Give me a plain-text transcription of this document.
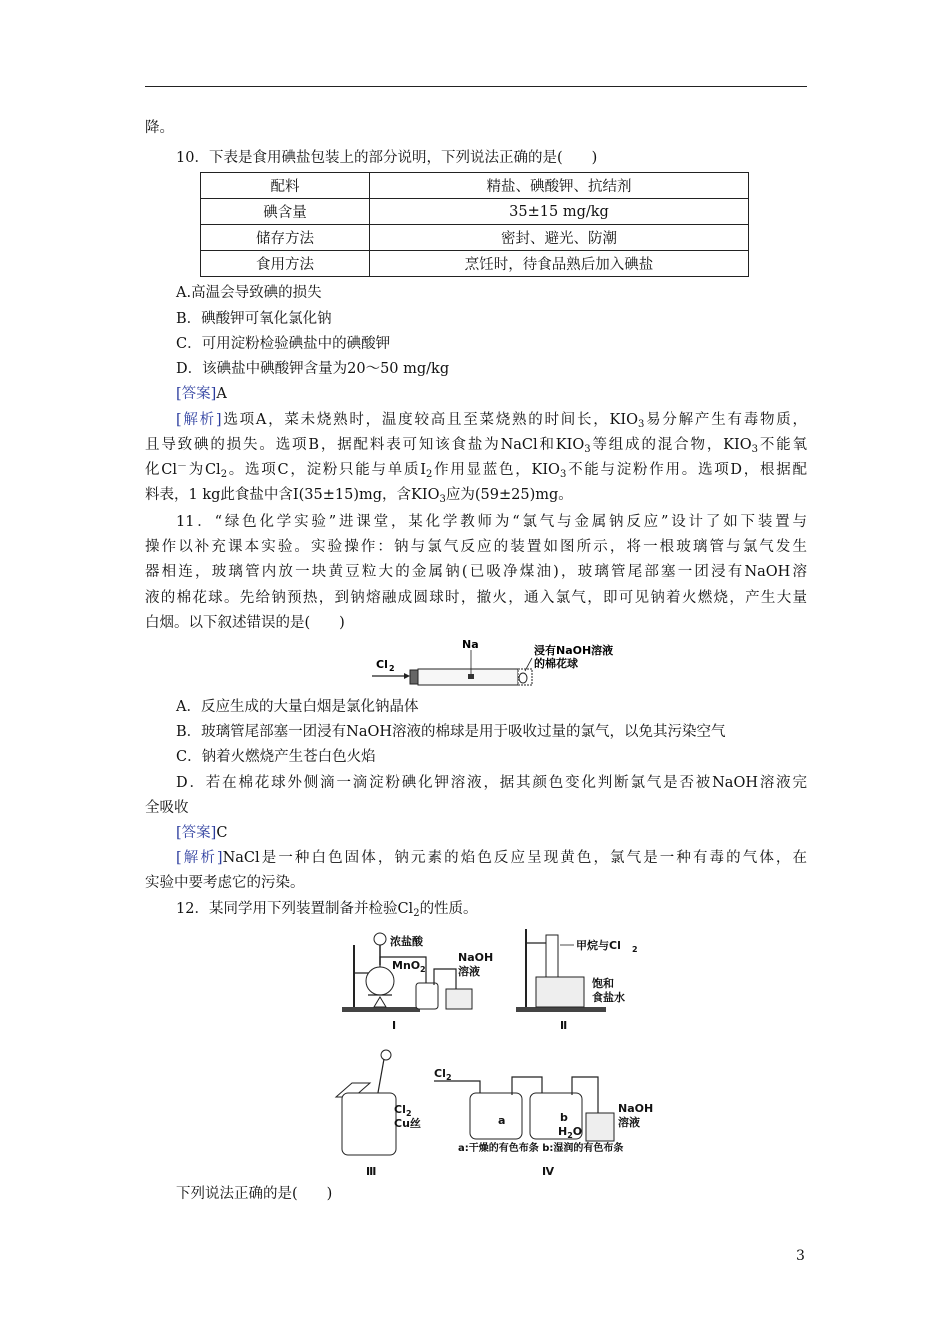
降。
10．下表是食用碘盐包装上的部分说明，下列说法正确的是(　　)
配料	精盐、碘酸钾、抗结剂
碘含量	35±15 mg/kg
储存方法	密封、避光、防潮
食用方法	烹饪时，待食品熟后加入碘盐
A.高温会导致碘的损失
B．碘酸钾可氧化氯化钠
C．可用淀粉检验碘盐中的碘酸钾
D．该碘盐中碘酸钾含量为20～50 mg/kg
[答案]A
[解析]选项A，菜未烧熟时，温度较高且至菜烧熟的时间长，$KIO_3$易分解产生有毒物质，
且导致碘的损失。选项B，据配料表可知该食盐为NaCl和$KIO_3$等组成的混合物，$KIO_3$不能氧
化Cl－为$Cl_2$。选项C，淀粉只能与单质$I_2$作用显蓝色，$KIO_3$不能与淀粉作用。选项D，根据配
料表，1 kg此食盐中含I(35±15)mg，含$KIO_3$应为(59±25)mg。
11．“绿色化学实验”进课堂，某化学教师为“氯气与金属钠反应”设计了如下装置与
操作以补充课本实验。实验操作：钠与氯气反应的装置如图所示，将一根玻璃管与氯气发生
器相连，玻璃管内放一块黄豆粒大的金属钠(已吸净煤油)，玻璃管尾部塞一团浸有NaOH溶
液的棉花球。先给钠预热，到钠熔融成圆球时，撤火，通入氯气，即可见钠着火燃烧，产生大量
白烟。以下叙述错误的是(　　)
Cl 2
Na	浸有NaOH溶液
的棉花球
A．反应生成的大量白烟是氯化钠晶体
B．玻璃管尾部塞一团浸有NaOH溶液的棉球是用于吸收过量的氯气，以免其污染空气
C．钠着火燃烧产生苍白色火焰
D．若在棉花球外侧滴一滴淀粉碘化钾溶液，据其颜色变化判断氯气是否被NaOH溶液完
全吸收
[答案]C
[解析]NaCl是一种白色固体，钠元素的焰色反应呈现黄色，氯气是一种有毒的气体，在
实验中要考虑它的污染。
12．某同学用下列装置制备并检验$Cl_2$的性质。
浓盐酸
MnO 2
NaOH
溶液
Ⅰ
甲烷与Cl 2
饱和
食盐水
Ⅱ
Cl 2
Cu丝
Ⅲ
Cl 2
a	b
$H_2O$
NaOH
溶液
a:干燥的有色布条 b:湿润的有色布条
Ⅳ
下列说法正确的是(　　)
3
